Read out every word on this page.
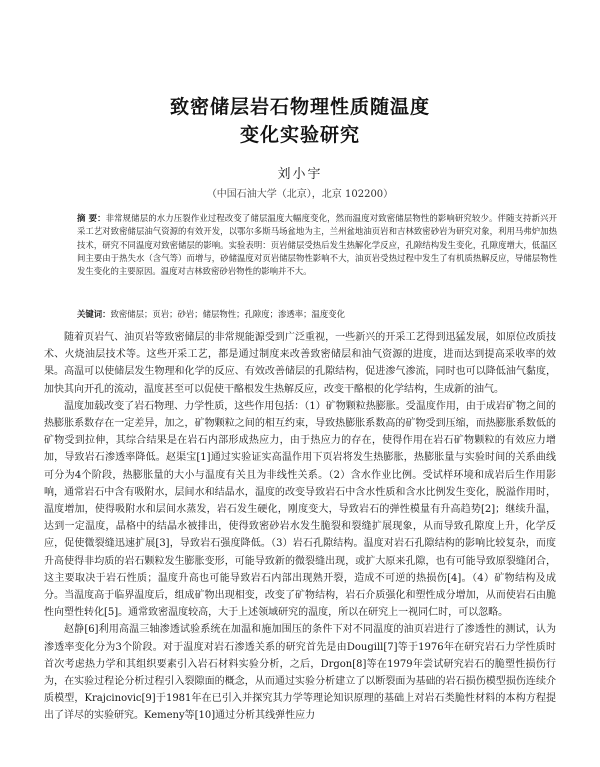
致密储层岩石物理性质随温度
变化实验研究
刘小宇
（中国石油大学（北京），北京 102200）
摘 要：非常规储层的水力压裂作业过程改变了储层温度大幅度变化，然而温度对致密储层物性的影响研究较少。伴随支持新兴开采工艺对致密储层油气资源的有效开发，以鄂尔多斯马场盆地为主，兰州盆地油页岩和吉林致密砂岩为研究对象，利用马弗炉加热技术，研究不同温度对致密储层的影响。实验表明：页岩储层受热后发生热解化学反应，孔隙结构发生变化，孔隙度增大，低温区间主要由于热失水（含气等）而增与，砂储温度对页岩储层物性影响不大，油页岩受热过程中发生了有机质热解反应，导储层物性发生变化的主要原因。温度对吉林致密砂岩物性的影响并不大。
关键词：致密储层；页岩；砂岩；储层物性；孔隙度；渗透率；温度变化

随着页岩气、油页岩等致密储层的非常规能源受到广泛重视，一些新兴的开采工艺得到迅猛发展，如原位改质技术、火烧油层技术等。这些开采工艺，都是通过制度来改善致密储层和油气资源的进度，进而达到提高采收率的效果。高温可以使储层发生物理和化学的反应、有效改善储层的孔隙结构，促进渗气渗流，同时也可以降低油气黏度，加快其向开孔的流动，温度甚至可以促使干酪根发生热解反应，改变干酪根的化学结构，生成新的油气。

温度加载改变了岩石物理、力学性质，这些作用包括：（1）矿物颗粒热膨胀。受温度作用，由于成岩矿物之间的热膨胀系数存在一定差异，加之，矿物颗粒之间的相互约束，导致热膨胀系数高的矿物受到压缩，而热膨胀系数低的矿物受到拉伸，其综合结果是在岩石内部形成热应力，由于热应力的存在，使得作用在岩石矿物颗粒的有效应力增加，导致岩石渗透率降低。赵渠宝[1]通过实验证实高温作用下页岩将发生热膨胀，热膨胀量与实验时间的关系曲线可分为4个阶段，热膨胀量的大小与温度有关且为非线性关系。（2）含水作业比例。受试样环境和成岩后生作用影响，通常岩石中含有吸附水，层间水和结晶水，温度的改变导致岩石中含水性质和含水比例发生变化，脱溢作用时，温度增加，使得吸附水和层间水蒸发，岩石发生硬化，刚度变大，导致岩石的弹性模量有升高趋势[2]；继续升温，达到一定温度，晶格中的结晶水被排出，使得致密砂岩水发生脆裂和裂缝扩展现象，从而导致孔隙度上升，化学反应，促使微裂缝迅速扩展[3]，导致岩石强度降低。（3）岩石孔隙结构。温度对岩石孔隙结构的影响比较复杂，而度升高使得非均质的岩石颗粒发生膨胀变形，可能导致新的微裂缝出现，或扩大原来孔隙，也有可能导致原裂缝闭合，这主要取决于岩石性质；温度升高也可能导致岩石内部出现熟开裂，造成不可逆的热损伤[4]。（4）矿物结构及成分。当温度高于临界温度后，组成矿物出现相变，改变了矿物结构，岩石介质强化和塑性成分增加，从而使岩石由脆性向塑性转化[5]。通常致密温度较高，大于上述领域研究的温度，所以在研究上一视同仁时，可以忽略。

赵静[6]利用高温三轴渗透试验系统在加温和施加围压的条件下对不同温度的油页岩进行了渗透性的测试，认为渗透率变化分为3个阶段。对于温度对岩石渗透关系的研究首先是由Dougill[7]等于1976年在研究岩石力学性质时首次考虑热力学和其组织要素引入岩石材料实验分析，之后，Drgon[8]等在1979年尝试研究岩石的脆塑性损伤行为，在实验过程论分析过程引入裂隙面的概念，从而通过实验分析建立了以断裂面为基础的岩石损伤模型损伤连续介质模型，Krajcinovic[9]于1981年在已引入并探究其力学等理论知识原理的基础上对岩石类脆性材料的本构方程提出了详尽的实验研究。Kemeny等[10]通过分析其线弹性应力
